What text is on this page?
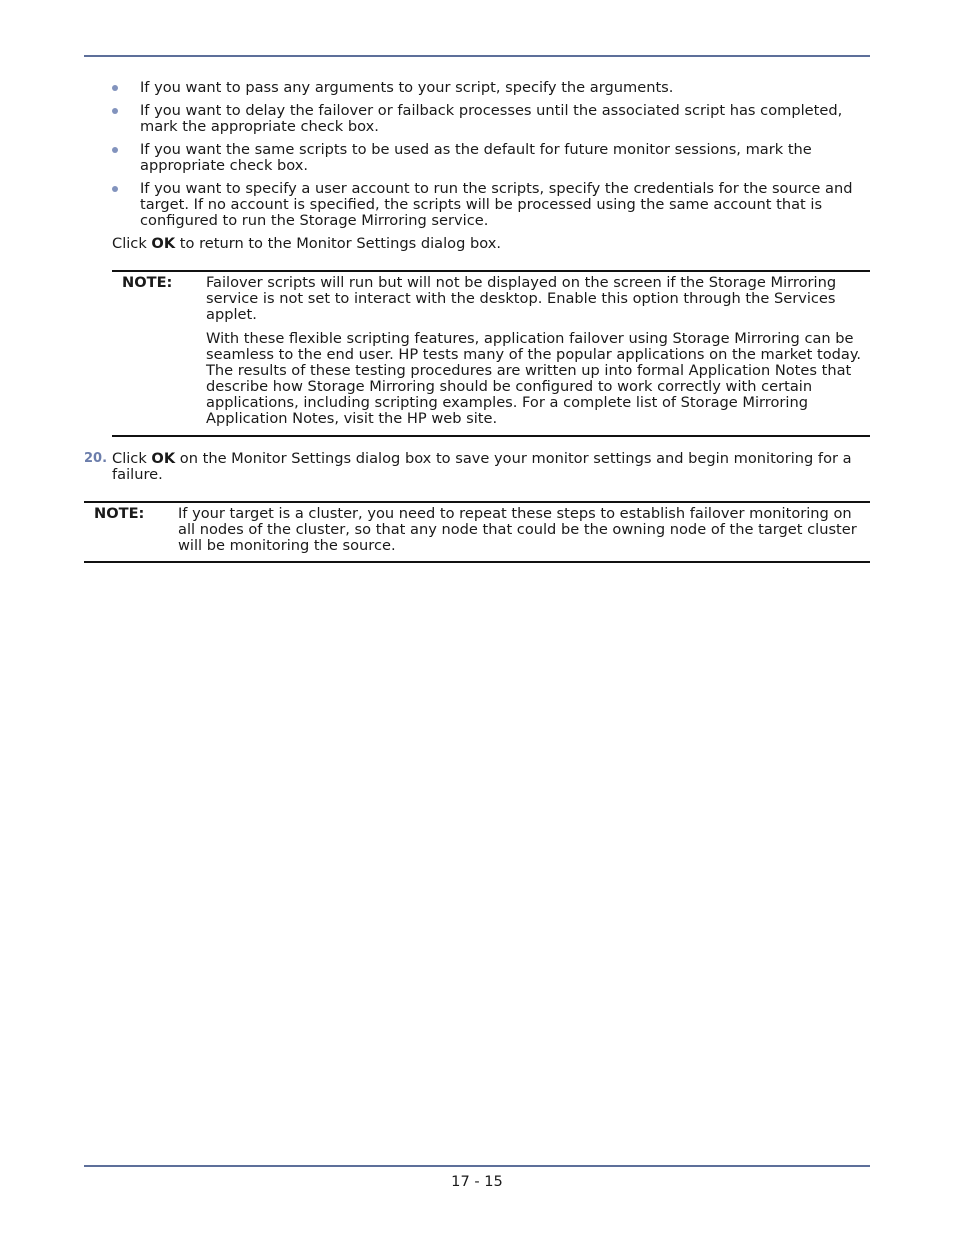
If you want to pass any arguments to your script, specify the arguments.
If you want to delay the failover or failback processes until the associated script has completed, mark the appropriate check box.
If you want the same scripts to be used as the default for future monitor sessions, mark the appropriate check box.
If you want to specify a user account to run the scripts, specify the credentials for the source and target. If no account is specified, the scripts will be processed using the same account that is configured to run the Storage Mirroring service.

Click OK to return to the Monitor Settings dialog box.

NOTE:	Failover scripts will run but will not be displayed on the screen if the Storage Mirroring service is not set to interact with the desktop. Enable this option through the Services applet.

With these flexible scripting features, application failover using Storage Mirroring can be seamless to the end user. HP tests many of the popular applications on the market today. The results of these testing procedures are written up into formal Application Notes that describe how Storage Mirroring should be configured to work correctly with certain applications, including scripting examples. For a complete list of Storage Mirroring Application Notes, visit the HP web site.

20. Click OK on the Monitor Settings dialog box to save your monitor settings and begin monitoring for a failure.
NOTE:	If your target is a cluster, you need to repeat these steps to establish failover monitoring on all nodes of the cluster, so that any node that could be the owning node of the target cluster will be monitoring the source.

17 - 15
